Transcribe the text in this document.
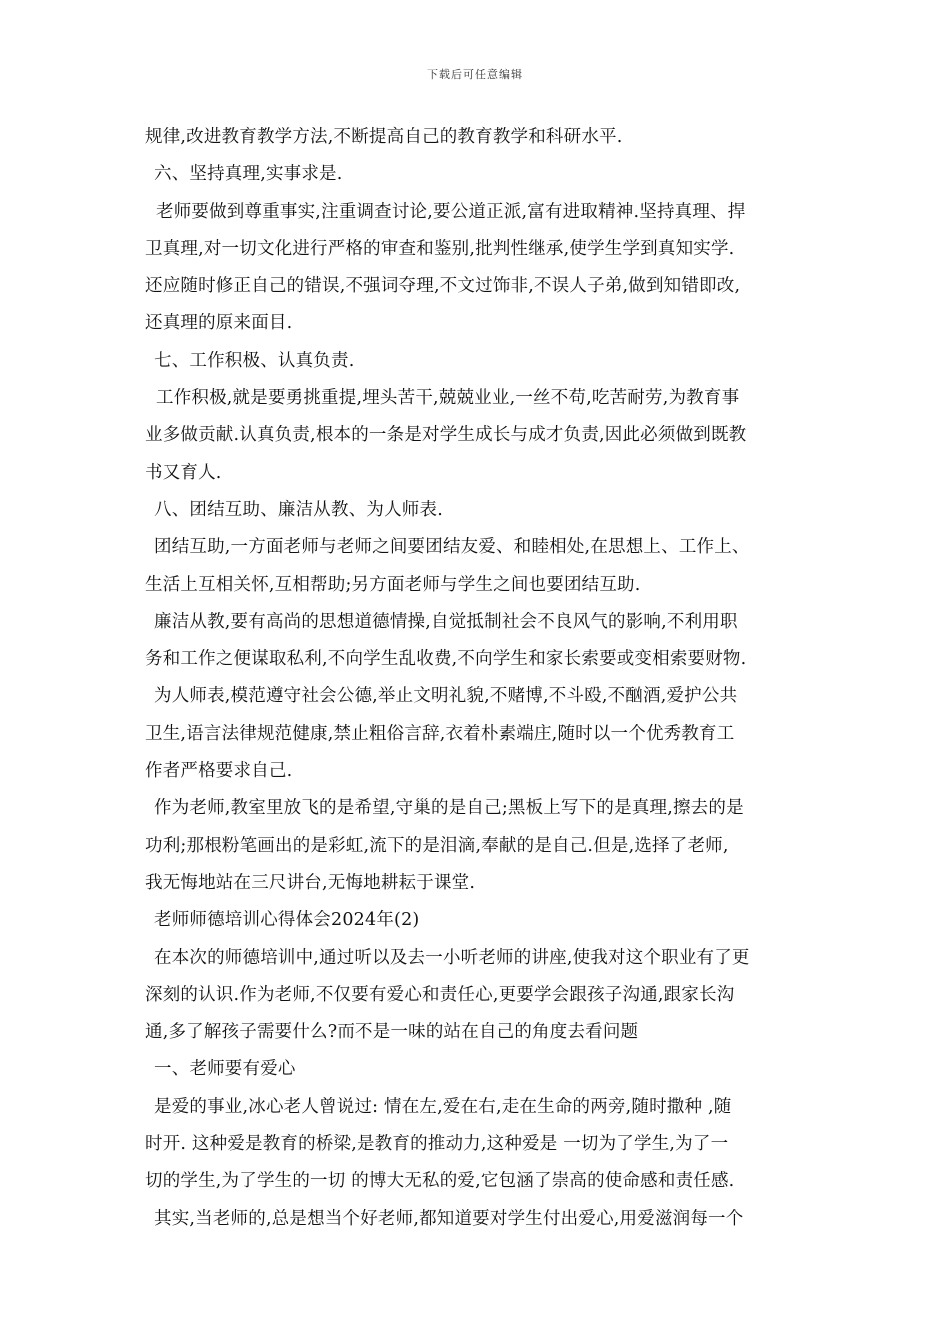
下载后可任意编辑
规律,改进教育教学方法,不断提高自己的教育教学和科研水平.
六、坚持真理,实事求是.
老师要做到尊重事实,注重调查讨论,要公道正派,富有进取精神.坚持真理、捍
卫真理,对一切文化进行严格的审查和鉴别,批判性继承,使学生学到真知实学.
还应随时修正自己的错误,不强词夺理,不文过饰非,不误人子弟,做到知错即改,
还真理的原来面目.
七、工作积极、认真负责.
工作积极,就是要勇挑重提,埋头苦干,兢兢业业,一丝不苟,吃苦耐劳,为教育事
业多做贡献.认真负责,根本的一条是对学生成长与成才负责,因此必须做到既教
书又育人.
八、团结互助、廉洁从教、为人师表.
团结互助,一方面老师与老师之间要团结友爱、和睦相处,在思想上、工作上、
生活上互相关怀,互相帮助;另方面老师与学生之间也要团结互助.
廉洁从教,要有高尚的思想道德情操,自觉抵制社会不良风气的影响,不利用职
务和工作之便谋取私利,不向学生乱收费,不向学生和家长索要或变相索要财物.
为人师表,模范遵守社会公德,举止文明礼貌,不赌博,不斗殴,不酗酒,爱护公共
卫生,语言法律规范健康,禁止粗俗言辞,衣着朴素端庄,随时以一个优秀教育工
作者严格要求自己.
作为老师,教室里放飞的是希望,守巢的是自己;黑板上写下的是真理,擦去的是
功利;那根粉笔画出的是彩虹,流下的是泪滴,奉献的是自己.但是,选择了老师,
我无悔地站在三尺讲台,无悔地耕耘于课堂.
老师师德培训心得体会2024年(2)
在本次的师德培训中,通过听以及去一小听老师的讲座,使我对这个职业有了更
深刻的认识.作为老师,不仅要有爱心和责任心,更要学会跟孩子沟通,跟家长沟
通,多了解孩子需要什么?而不是一味的站在自己的角度去看问题
一、老师要有爱心
是爱的事业,冰心老人曾说过: 情在左,爱在右,走在生命的两旁,随时撒种 ,随
时开. 这种爱是教育的桥梁,是教育的推动力,这种爱是 一切为了学生,为了一
切的学生,为了学生的一切 的博大无私的爱,它包涵了崇高的使命感和责任感.
其实,当老师的,总是想当个好老师,都知道要对学生付出爱心,用爱滋润每一个
